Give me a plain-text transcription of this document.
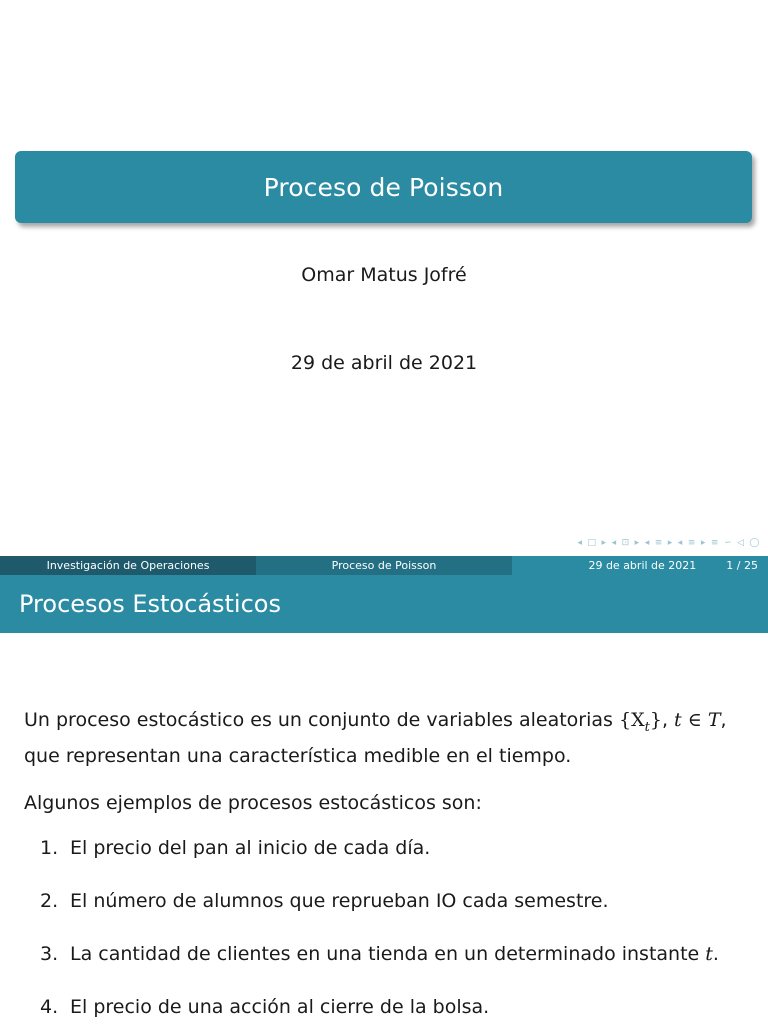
Proceso de Poisson
Omar Matus Jofré
29 de abril de 2021
◂ □ ▸ ◂ ⊡ ▸ ◂ ≡ ▸ ◂ ≡ ▸ ≡ ∽ ◁ ◯
Investigación de Operaciones	Proceso de Poisson	29 de abril de 2021	1 / 25
Procesos Estocásticos
Un proceso estocástico es un conjunto de variables aleatorias $\{X_t\}$, t ∈ T,
que representan una característica medible en el tiempo.
Algunos ejemplos de procesos estocásticos son:
1. El precio del pan al inicio de cada día.
2. El número de alumnos que reprueban IO cada semestre.
3. La cantidad de clientes en una tienda en un determinado instante t.
4. El precio de una acción al cierre de la bolsa.
